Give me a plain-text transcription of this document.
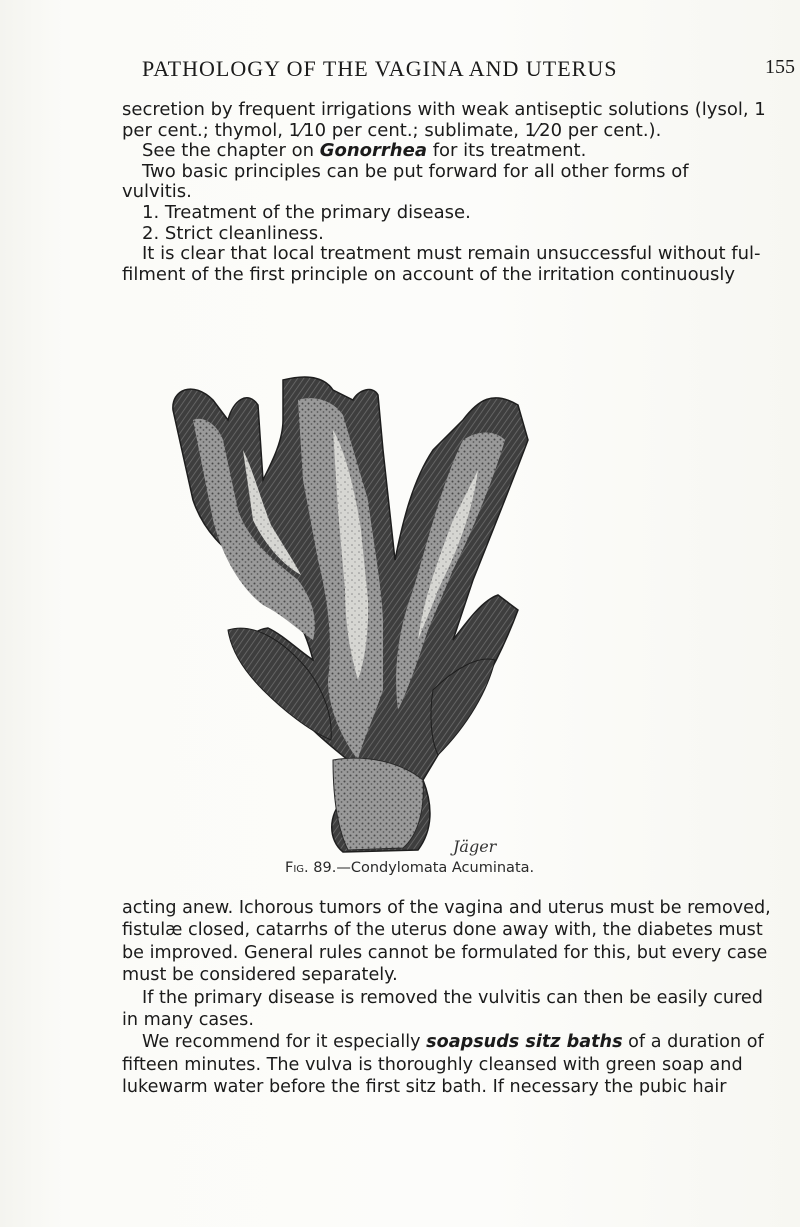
PATHOLOGY OF THE VAGINA AND UTERUS	155

secretion by frequent irrigations with weak antiseptic solutions (lysol, 1

per cent.; thymol, 1⁄10 per cent.; sublimate, 1⁄20 per cent.).

See the chapter on Gonorrhea for its treatment.

Two basic principles can be put forward for all other forms of

vulvitis.

1. Treatment of the primary disease.

2. Strict cleanliness.

It is clear that local treatment must remain unsuccessful without ful-

filment of the first principle on account of the irritation continuously

Jäger
Fig. 89.—Condylomata Acuminata.

acting anew. Ichorous tumors of the vagina and uterus must be removed,

fistulæ closed, catarrhs of the uterus done away with, the diabetes must

be improved. General rules cannot be formulated for this, but every case

must be considered separately.

If the primary disease is removed the vulvitis can then be easily cured

in many cases.

We recommend for it especially soapsuds sitz baths of a duration of

fifteen minutes. The vulva is thoroughly cleansed with green soap and

lukewarm water before the first sitz bath. If necessary the pubic hair
